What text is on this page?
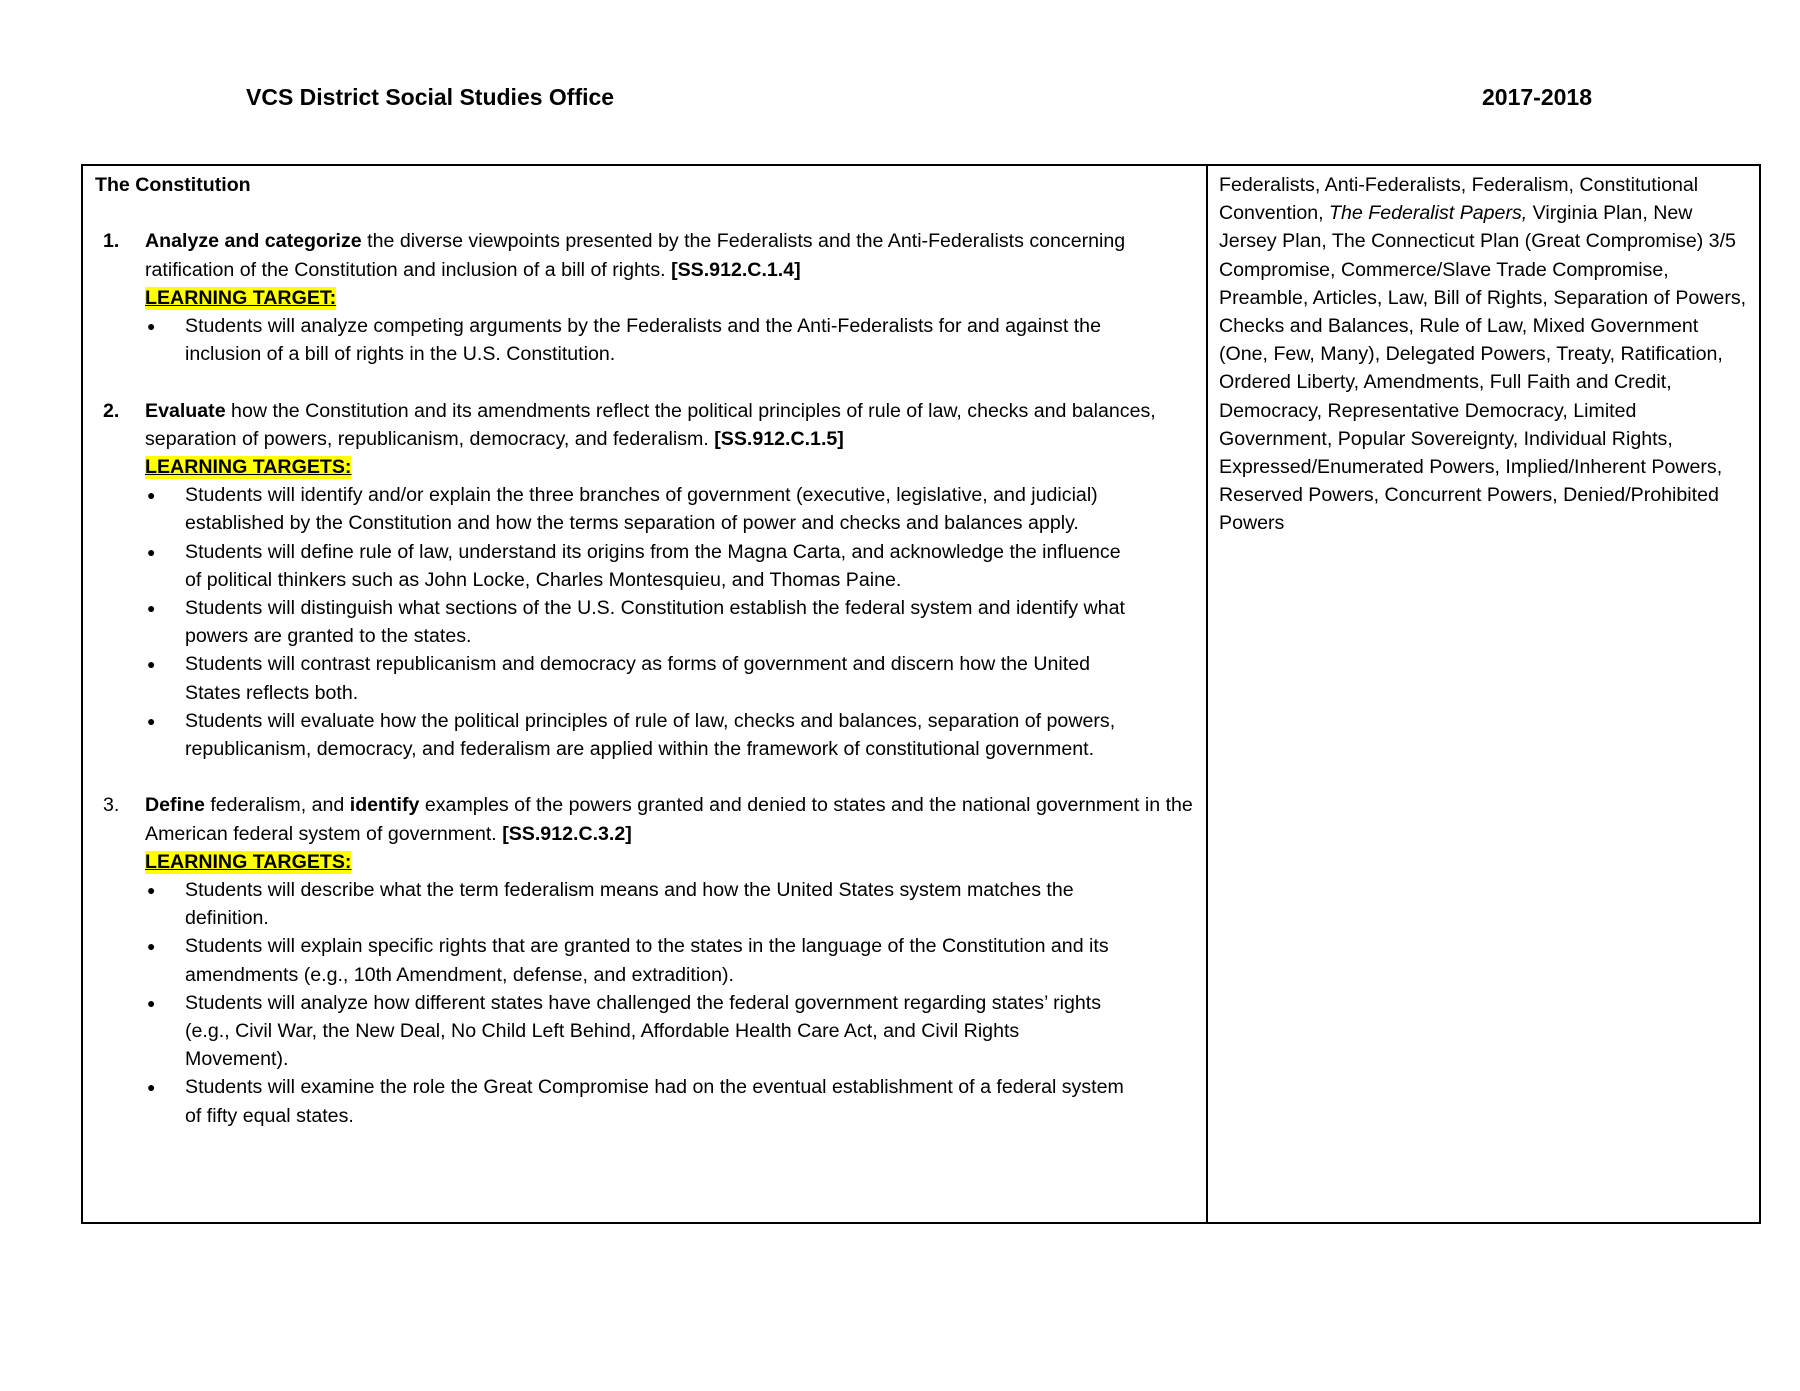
VCS District Social Studies Office	2017-2018
The Constitution
1. Analyze and categorize the diverse viewpoints presented by the Federalists and the Anti-Federalists concerning ratification of the Constitution and inclusion of a bill of rights. [SS.912.C.1.4]
LEARNING TARGET:
● Students will analyze competing arguments by the Federalists and the Anti-Federalists for and against the inclusion of a bill of rights in the U.S. Constitution.
2. Evaluate how the Constitution and its amendments reflect the political principles of rule of law, checks and balances, separation of powers, republicanism, democracy, and federalism. [SS.912.C.1.5]
LEARNING TARGETS:
● Students will identify and/or explain the three branches of government (executive, legislative, and judicial) established by the Constitution and how the terms separation of power and checks and balances apply.
● Students will define rule of law, understand its origins from the Magna Carta, and acknowledge the influence of political thinkers such as John Locke, Charles Montesquieu, and Thomas Paine.
● Students will distinguish what sections of the U.S. Constitution establish the federal system and identify what powers are granted to the states.
● Students will contrast republicanism and democracy as forms of government and discern how the United States reflects both.
● Students will evaluate how the political principles of rule of law, checks and balances, separation of powers, republicanism, democracy, and federalism are applied within the framework of constitutional government.
3. Define federalism, and identify examples of the powers granted and denied to states and the national government in the American federal system of government. [SS.912.C.3.2]
LEARNING TARGETS:
● Students will describe what the term federalism means and how the United States system matches the definition.
● Students will explain specific rights that are granted to the states in the language of the Constitution and its amendments (e.g., 10th Amendment, defense, and extradition).
● Students will analyze how different states have challenged the federal government regarding states’ rights (e.g., Civil War, the New Deal, No Child Left Behind, Affordable Health Care Act, and Civil Rights Movement).
● Students will examine the role the Great Compromise had on the eventual establishment of a federal system of fifty equal states.
Federalists, Anti-Federalists, Federalism, Constitutional Convention, The Federalist Papers, Virginia Plan, New Jersey Plan, The Connecticut Plan (Great Compromise) 3/5 Compromise, Commerce/Slave Trade Compromise, Preamble, Articles, Law, Bill of Rights, Separation of Powers, Checks and Balances, Rule of Law, Mixed Government (One, Few, Many), Delegated Powers, Treaty, Ratification, Ordered Liberty, Amendments, Full Faith and Credit,
Democracy, Representative Democracy, Limited Government, Popular Sovereignty, Individual Rights, Expressed/Enumerated Powers, Implied/Inherent Powers, Reserved Powers, Concurrent Powers, Denied/Prohibited Powers
